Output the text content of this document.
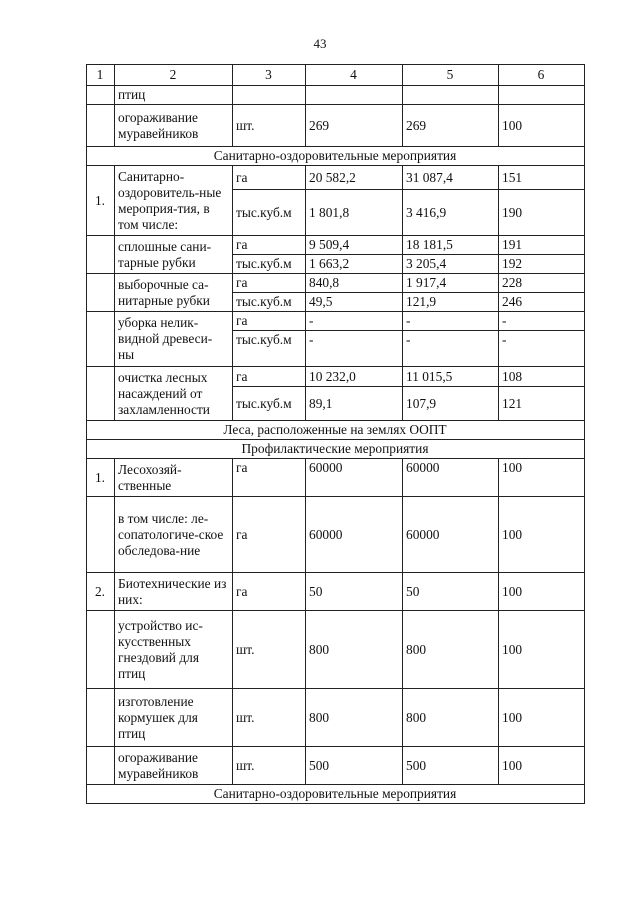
43
1	2	3	4	5	6
	птиц				
	огораживание муравейников	шт.	269	269	100
Санитарно-оздоровительные мероприятия					
1.	Санитарно-оздоровитель-ные мероприя-тия, в том числе:	га	20 582,2	31 087,4	151
		тыс.куб.м	1 801,8	3 416,9	190
	сплошные сани-тарные рубки	га	9 509,4	18 181,5	191
		тыс.куб.м	1 663,2	3 205,4	192
	выборочные са-нитарные рубки	га	840,8	1 917,4	228
		тыс.куб.м	49,5	121,9	246
	уборка нелик-видной древеси-ны	га	-	-	-
		тыс.куб.м	-	-	-
	очистка лесных насаждений от захламленности	га	10 232,0	11 015,5	108
		тыс.куб.м	89,1	107,9	121
Леса, расположенные на землях ООПТ					
Профилактические мероприятия					
1.	Лесохозяй-ственные	га	60000	60000	100
	в том числе: ле-сопатологиче-ское обследова-ние	га	60000	60000	100
2.	Биотехнические из них:	га	50	50	100
	устройство ис-кусственных гнездовий для птиц	шт.	800	800	100
	изготовление кормушек для птиц	шт.	800	800	100
	огораживание муравейников	шт.	500	500	100
Санитарно-оздоровительные мероприятия					
